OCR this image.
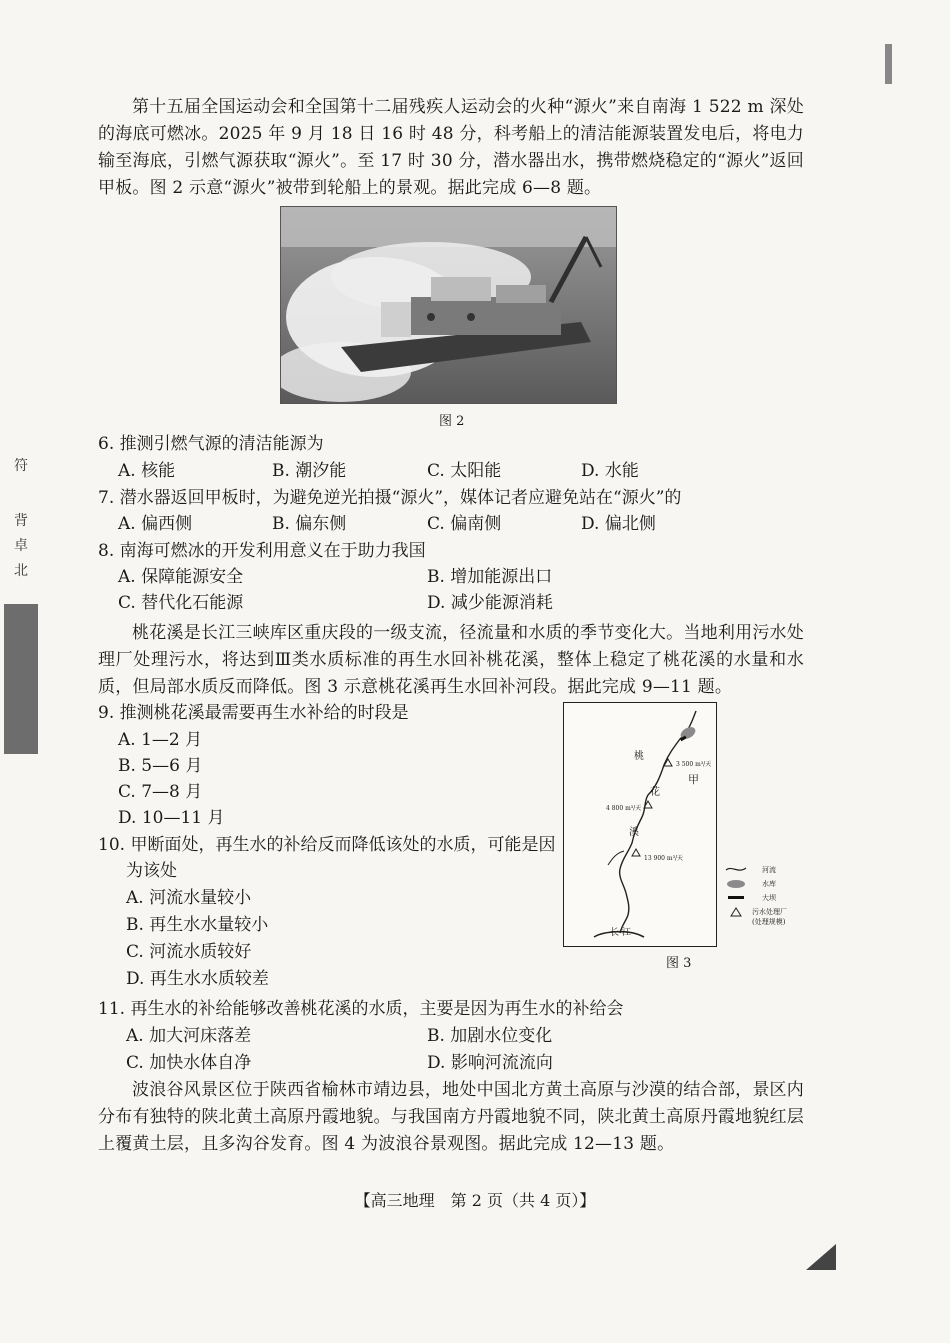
符
背
卓
北
第十五届全国运动会和全国第十二届残疾人运动会的火种“源火”来自南海 1 522 m 深处的海底可燃冰。2025 年 9 月 18 日 16 时 48 分，科考船上的清洁能源装置发电后，将电力输至海底，引燃气源获取“源火”。至 17 时 30 分，潜水器出水，携带燃烧稳定的“源火”返回甲板。图 2 示意“源火”被带到轮船上的景观。据此完成 6—8 题。
图 2
6. 推测引燃气源的清洁能源为
A. 核能	B. 潮汐能	C. 太阳能	D. 水能
7. 潜水器返回甲板时，为避免逆光拍摄“源火”，媒体记者应避免站在“源火”的
A. 偏西侧	B. 偏东侧	C. 偏南侧	D. 偏北侧
8. 南海可燃冰的开发利用意义在于助力我国
A. 保障能源安全	B. 增加能源出口
C. 替代化石能源	D. 减少能源消耗
桃花溪是长江三峡库区重庆段的一级支流，径流量和水质的季节变化大。当地利用污水处理厂处理污水，将达到Ⅲ类水质标准的再生水回补桃花溪，整体上稳定了桃花溪的水量和水质，但局部水质反而降低。图 3 示意桃花溪再生水回补河段。据此完成 9—11 题。
9. 推测桃花溪最需要再生水补给的时段是
A. 1—2 月
B. 5—6 月
C. 7—8 月
D. 10—11 月
10. 甲断面处，再生水的补给反而降低该处的水质，可能是因
为该处
A. 河流水量较小
B. 再生水水量较小
C. 河流水质较好
D. 再生水水质较差
桃
花
溪
甲
3 500 m³/天
4 800 m³/天
13 900 m³/天
长 江
河流
水库
大坝
污水处理厂
(处理规模)
图 3
11. 再生水的补给能够改善桃花溪的水质，主要是因为再生水的补给会
A. 加大河床落差	B. 加剧水位变化
C. 加快水体自净	D. 影响河流流向
波浪谷风景区位于陕西省榆林市靖边县，地处中国北方黄土高原与沙漠的结合部，景区内分布有独特的陕北黄土高原丹霞地貌。与我国南方丹霞地貌不同，陕北黄土高原丹霞地貌红层上覆黄土层，且多沟谷发育。图 4 为波浪谷景观图。据此完成 12—13 题。
【高三地理　第 2 页（共 4 页）】
